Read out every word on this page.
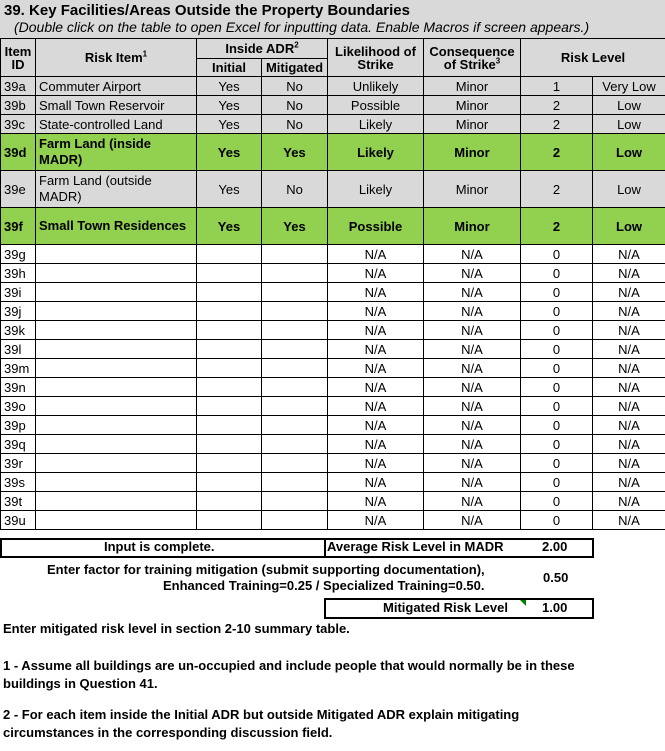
39. Key Facilities/Areas Outside the Property Boundaries
(Double click on the table to open Excel for inputting data. Enable Macros if screen appears.)
Item ID	Risk Item$^1$	Inside ADR$^2$		Likelihood of Strike	Consequence of Strike$^3$	Risk Level	
		Initial	Mitigated				
39a	Commuter Airport	Yes	No	Unlikely	Minor	1	Very Low
39b	Small Town Reservoir	Yes	No	Possible	Minor	2	Low
39c	State-controlled Land	Yes	No	Likely	Minor	2	Low
39d	Farm Land (inside MADR)	Yes	Yes	Likely	Minor	2	Low
39e	Farm Land (outside MADR)	Yes	No	Likely	Minor	2	Low
39f	Small Town Residences	Yes	Yes	Possible	Minor	2	Low
39g				N/A	N/A	0	N/A
39h				N/A	N/A	0	N/A
39i				N/A	N/A	0	N/A
39j				N/A	N/A	0	N/A
39k				N/A	N/A	0	N/A
39l				N/A	N/A	0	N/A
39m				N/A	N/A	0	N/A
39n				N/A	N/A	0	N/A
39o				N/A	N/A	0	N/A
39p				N/A	N/A	0	N/A
39q				N/A	N/A	0	N/A
39r				N/A	N/A	0	N/A
39s				N/A	N/A	0	N/A
39t				N/A	N/A	0	N/A
39u				N/A	N/A	0	N/A
Input is complete.	Average Risk Level in MADR	2.00
Enter factor for training mitigation (submit supporting documentation),
Enhanced Training=0.25 / Specialized Training=0.50.
0.50
Mitigated Risk Level	1.00
Enter mitigated risk level in section 2-10 summary table.
1 - Assume all buildings are un-occupied and include people that would normally be in these
buildings in Question 41.
2 - For each item inside the Initial ADR but outside Mitigated ADR explain mitigating
circumstances in the corresponding discussion field.
